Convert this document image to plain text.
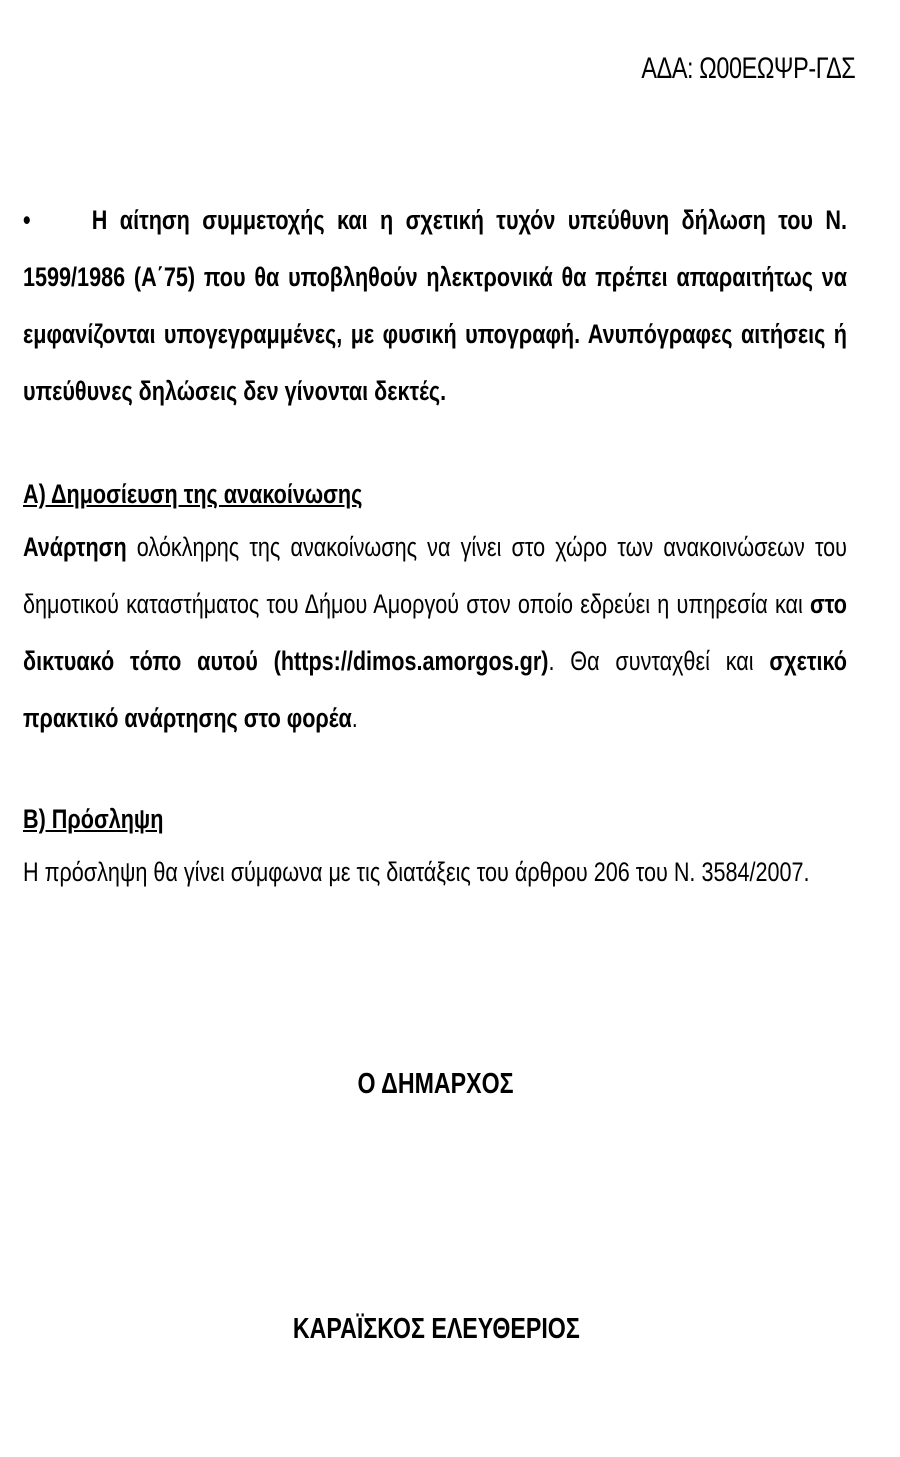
ΑΔΑ: Ω00ΕΩΨΡ-ΓΔΣ
• Η αίτηση συμμετοχής και η σχετική τυχόν υπεύθυνη δήλωση του Ν. 1599/1986 (Α΄75) που θα υποβληθούν ηλεκτρονικά θα πρέπει απαραιτήτως να εμφανίζονται υπογεγραμμένες, με φυσική υπογραφή. Ανυπόγραφες αιτήσεις ή υπεύθυνες δηλώσεις δεν γίνονται δεκτές.
Α) Δημοσίευση της ανακοίνωσης
Ανάρτηση ολόκληρης της ανακοίνωσης να γίνει στο χώρο των ανακοινώσεων του δημοτικού καταστήματος του Δήμου Αμοργού στον οποίο εδρεύει η υπηρεσία και στο δικτυακό τόπο αυτού (https://dimos.amorgos.gr). Θα συνταχθεί και σχετικό πρακτικό ανάρτησης στο φορέα.
Β) Πρόσληψη
Η πρόσληψη θα γίνει σύμφωνα με τις διατάξεις του άρθρου 206 του Ν. 3584/2007.
Ο ΔΗΜΑΡΧΟΣ
ΚΑΡΑΪΣΚΟΣ ΕΛΕΥΘΕΡΙΟΣ
